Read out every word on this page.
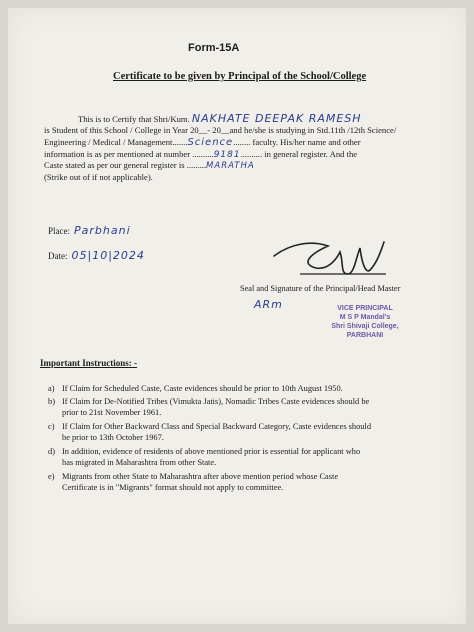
Form-15A
Certificate to be given by Principal of the School/College
This is to Certify that Shri/Kum. NAKHATE DEEPAK RAMESH
is Student of this School / College in Year 20__- 20__and he/she is studying in Std.11th /12th Science/
Engineering / Medical / Management.......Science........ faculty. His/her name and other
information is as per mentioned at number ..........9181.......... in general register. And the
Caste stated as per our general register is .........MARATHA
(Strike out of if not applicable).
Place: Parbhani
Date: 05|10|2024
Seal and Signature of the Principal/Head Master
ARm	VICE PRINCIPAL
M S P Mandal's
Shri Shivaji College,
PARBHANI
Important Instructions: -
a) If Claim for Scheduled Caste, Caste evidences should be prior to 10th August 1950.
b) If Claim for De-Notified Tribes (Vimukta Jatis), Nomadic Tribes Caste evidences should be
prior to 21st November 1961.
c) If Claim for Other Backward Class and Special Backward Category, Caste evidences should
be prior to 13th October 1967.
d) In addition, evidence of residents of above mentioned prior is essential for applicant who
has migrated in Maharashtra from other State.
e) Migrants from other State to Maharashtra after above mention period whose Caste
Certificate is in "Migrants" format should not apply to committee.
